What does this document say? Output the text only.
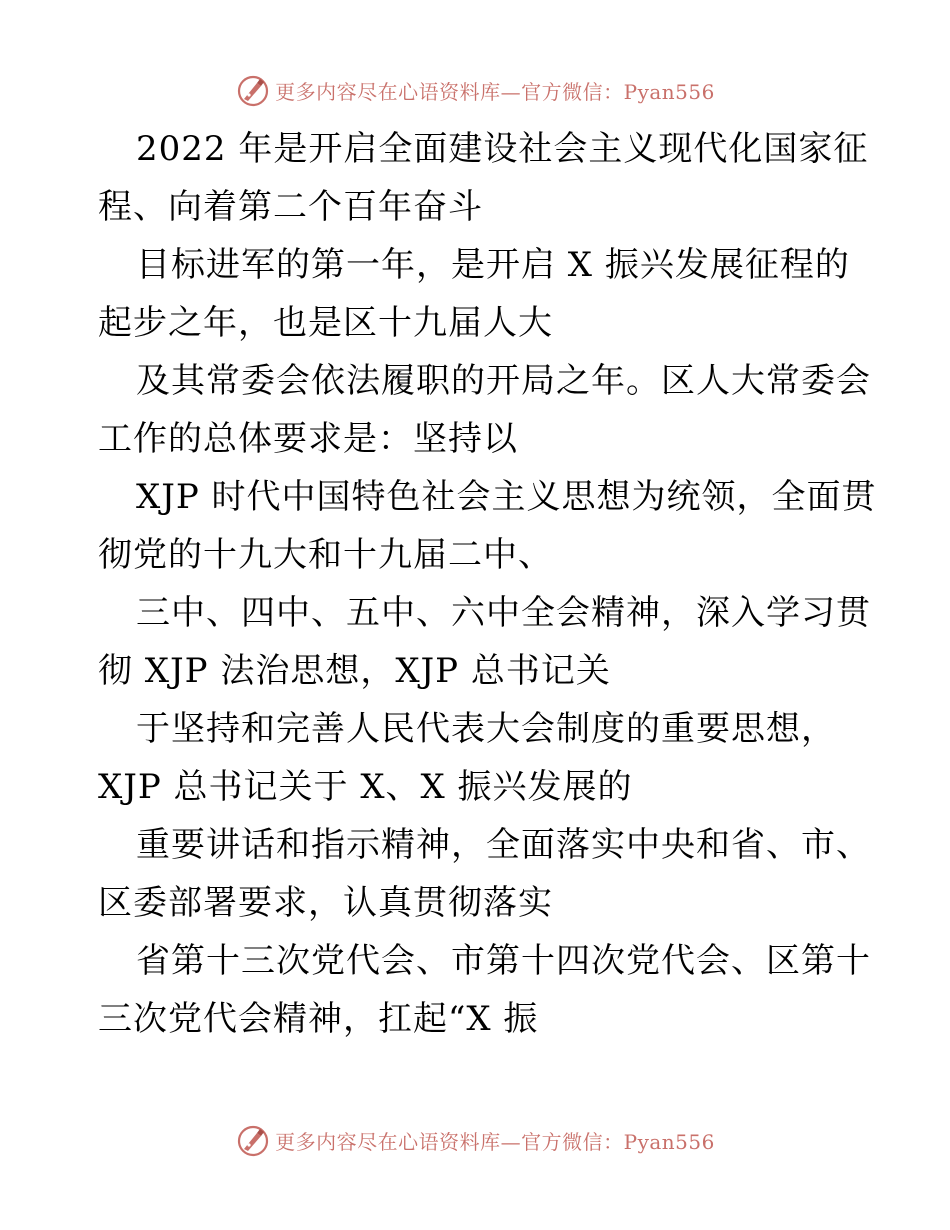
更多内容尽在心语资料库—官方微信：Pyan556
2022 年是开启全面建设社会主义现代化国家征
程、向着第二个百年奋斗
目标进军的第一年，是开启 X 振兴发展征程的
起步之年，也是区十九届人大
及其常委会依法履职的开局之年。区人大常委会
工作的总体要求是：坚持以
XJP 时代中国特色社会主义思想为统领，全面贯
彻党的十九大和十九届二中、
三中、四中、五中、六中全会精神，深入学习贯
彻 XJP 法治思想，XJP 总书记关
于坚持和完善人民代表大会制度的重要思想，
XJP 总书记关于 X、X 振兴发展的
重要讲话和指示精神，全面落实中央和省、市、
区委部署要求，认真贯彻落实
省第十三次党代会、市第十四次党代会、区第十
三次党代会精神，扛起“X 振
更多内容尽在心语资料库—官方微信：Pyan556
